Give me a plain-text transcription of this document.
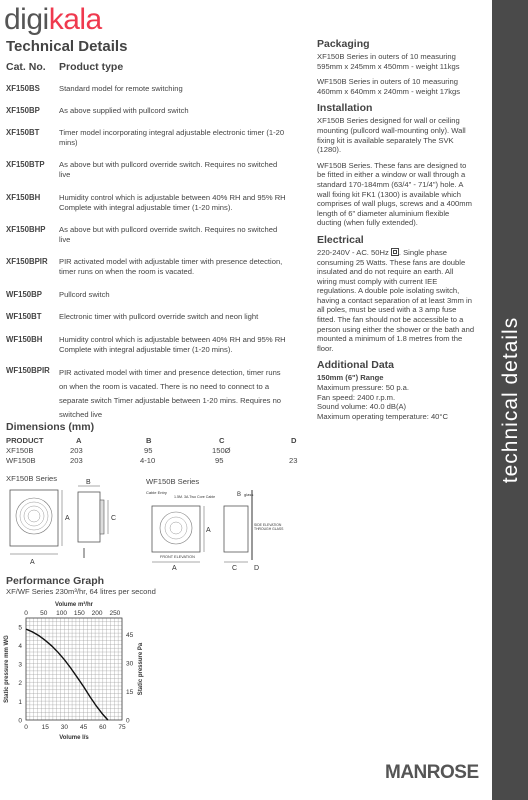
digikala
Technical Details
Cat. No. Product type
XF150BS	Standard model for remote switching
XF150BP	As above supplied with pullcord switch
XF150BT	Timer model incorporating integral adjustable electronic timer (1-20 mins)
XF150BTP As above but with pullcord override switch. Requires no switched live
XF150BH Humidity control which is adjustable between 40% RH and 95% RH Complete with integral adjustable timer (1-20 mins).
XF150BHP As above but with pullcord override switch. Requires no switched live
XF150BPIR PIR activated model with adjustable timer with presence detection, timer runs on when the room is vacated.
WF150BP Pullcord switch
WF150BT Electronic timer with pullcord override switch and neon light
WF150BH Humidity control which is adjustable between 40% RH and 95% RH Complete with integral adjustable timer (1-20 mins).
WF150BPIR PIR activated model with timer and presence detection, timer runs on when the room is vacated. There is no need to connect to a separate switch Timer adjustable between 1-20 mins. Requires no switched live
Packaging

XF150B Series in outers of 10 measuring 595mm x 245mm x 450mm - weight 11kgs

WF150B Series in outers of 10 measuring 460mm x 640mm x 240mm - weight 17kgs

Installation

XF150B Series designed for wall or ceiling mounting (pullcord wall-mounting only). Wall fixing kit is available separately The SVK (1280).

WF150B Series. These fans are designed to be fitted in either a window or wall through a standard 170-184mm (63/4" - 71/4") hole. A wall fixing kit FK1 (1300) is available which comprises of wall plugs, screws and a 400mm length of 6" diameter aluminium flexible ducting (when fully extended).

Electrical

220-240V - AC. 50Hz . Single phase consuming 25 Watts. These fans are double insulated and do not require an earth. All wiring must comply with current IEE regulations. A double pole isolating switch, having a contact separation of at least 3mm in all poles, must be used with a 3 amp fuse fitted. The fan should not be accessible to a person using either the shower or the bath and mounted a minimum of 1.8 metres from the floor.

Additional Data
150mm (6") Range
Maximum pressure: 50 p.a.
Fan speed: 2400 r.p.m.
Sound volume: 40.0 dB(A)
Maximum operating temperature: 40°C	technical details
Dimensions (mm)
PRODUCT	A	B	C	D
XF150B	203	95	150Ø
WF150B	203	4-10	95	23
XF150B Series
A
A
B
C
WF150B Series
Cable Entry
1.5M. 3A.Two Core Cable
A
FRONT ELEVATION
A
B glass
SIDE ELEVATION
THROUGH GLASS
C D
Performance Graph
XF/WF Series 230m³/hr, 64 litres per second
0 15 30 45 60 75
0 50 100 150 200 250
0
1
2
3
4
5
0
15
30
45
Volume m³/hr
Volume l/s
Static pressure mm WG	Static pressure Pa
MANROSE
